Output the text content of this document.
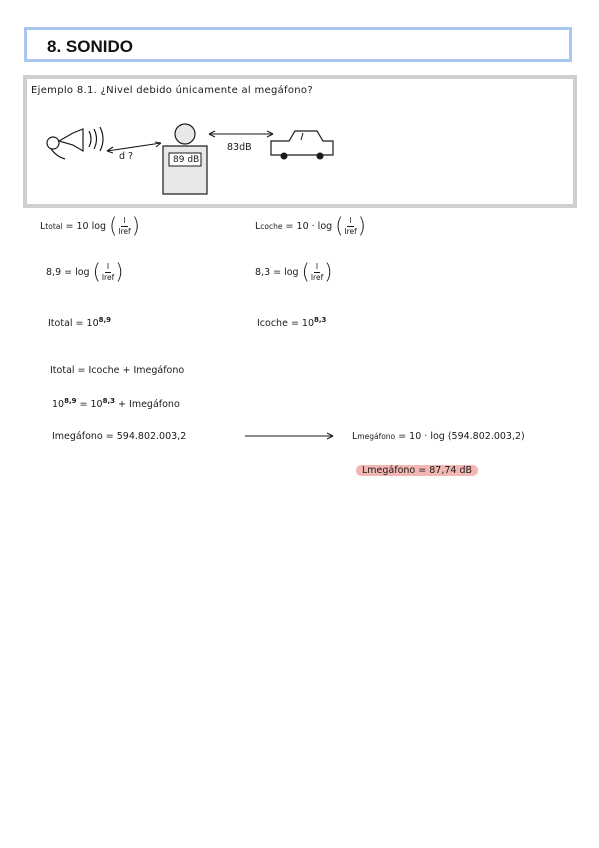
8. SONIDO
Ejemplo 8.1. ¿Nivel debido únicamente al megáfono?
d ?	89 dB
83dB
Ltotal = 10 log ( $\frac{I}{\text{Iref}}$ )	Lcoche = 10 · log ( $\frac{I}{\text{Iref}}$ )
8,9 = log ( $\frac{I}{\text{Iref}}$ )	8,3 = log ( $\frac{I}{\text{Iref}}$ )
Itotal = $10^{8,9}$	Icoche = $10^{8,3}$
Itotal = Icoche + Imegáfono
$10^{8,9} = 10^{8,3}$ + Imegáfono
Imegáfono = 594.802.003,2	Lmegáfono = 10 · log (594.802.003,2)
Lmegáfono = 87,74 dB
